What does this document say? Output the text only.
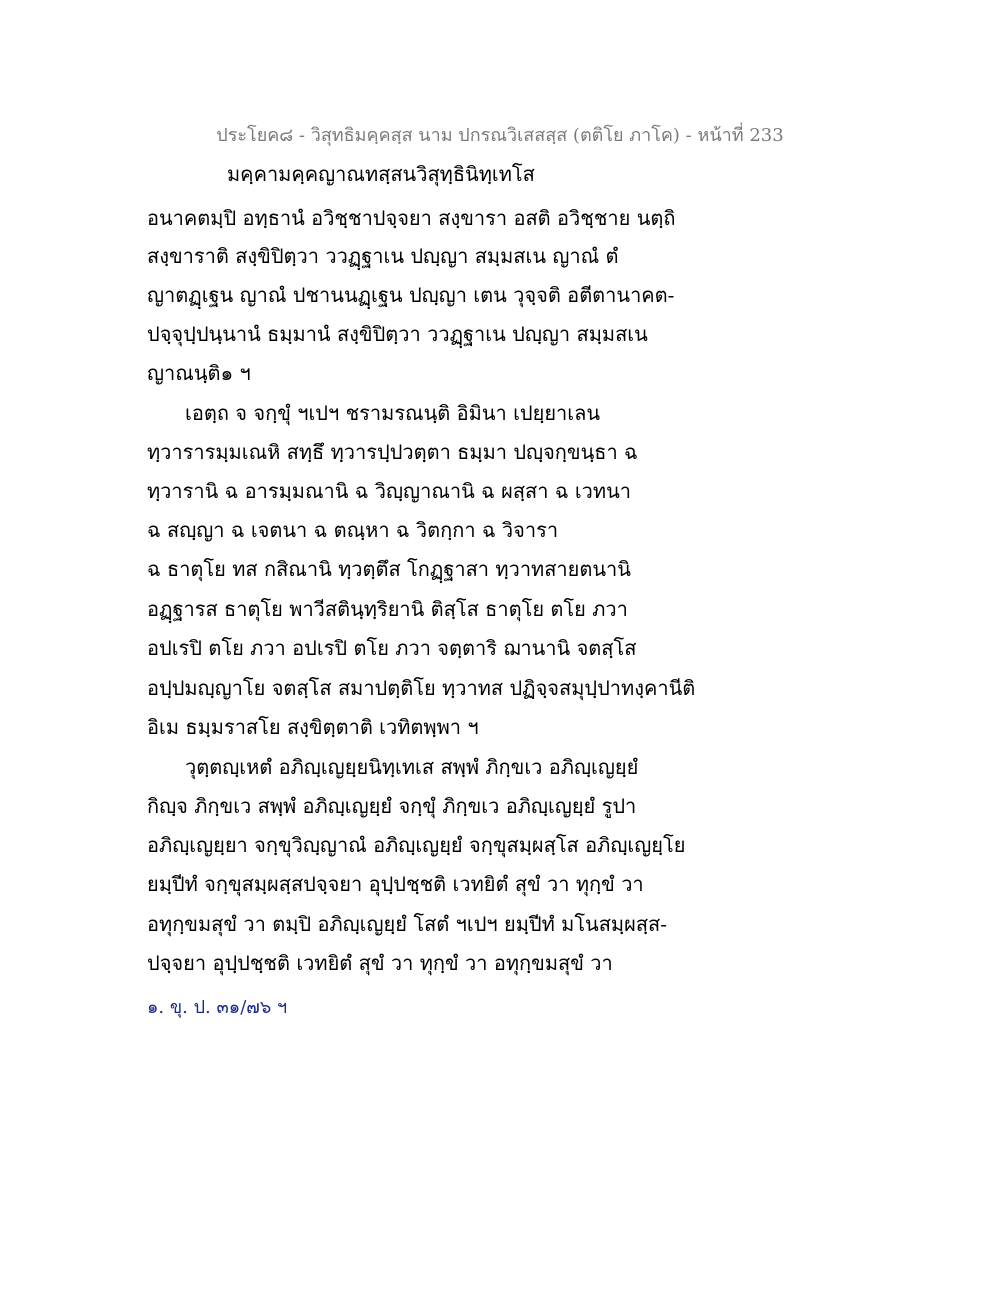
ประโยค๘ - วิสุทธิมคฺคสฺส นาม ปกรณวิเสสสฺส (ตติโย ภาโค) - หน้าที่ 233
มคฺคามคฺคญาณทสฺสนวิสุทฺธินิทฺเทโส
อนาคตมฺปิ อทฺธานํ อวิชฺชาปจฺจยา สงฺขารา อสติ อวิชฺชาย นตฺถิ
สงฺขาราติ สงฺขิปิตฺวา ววฏฺฐาเน ปญฺญา สมฺมสเน ญาณํ ตํ
ญาตฏฺเฐน ญาณํ ปชานนฏฺเฐน ปญฺญา เตน วุจฺจติ อตีตานาคต-
ปจฺจุปฺปนฺนานํ ธมฺมานํ สงฺขิปิตฺวา ววฏฺฐาเน ปญฺญา สมฺมสเน
ญาณนฺติ๑ ฯ
เอตฺถ จ จกฺขุํ ฯเปฯ ชรามรณนฺติ อิมินา เปยฺยาเลน
ทฺวารารมฺมเณหิ สทฺธึ ทฺวารปฺปวตฺตา ธมฺมา ปญฺจกฺขนฺธา ฉ
ทฺวารานิ ฉ อารมฺมณานิ ฉ วิญฺญาณานิ ฉ ผสฺสา ฉ เวทนา
ฉ สญฺญา ฉ เจตนา ฉ ตณฺหา ฉ วิตกฺกา ฉ วิจารา
ฉ ธาตุโย ทส กสิณานิ ทฺวตฺตึส โกฏฺฐาสา ทฺวาทสายตนานิ
อฏฺฐารส ธาตุโย พาวีสตินฺทฺริยานิ ติสฺโส ธาตุโย ตโย ภวา
อปเรปิ ตโย ภวา อปเรปิ ตโย ภวา จตฺตาริ ฌานานิ จตสฺโส
อปฺปมญฺญาโย จตสฺโส สมาปตฺติโย ทฺวาทส ปฏิจฺจสมุปฺปาทงฺคานีติ
อิเม ธมฺมราสโย สงฺขิตฺตาติ เวทิตพฺพา ฯ
วุตฺตญฺเหตํ อภิญฺเญยฺยนิทฺเทเส สพฺพํ ภิกฺขเว อภิญฺเญยฺยํ
กิญฺจ ภิกฺขเว สพฺพํ อภิญฺเญยฺยํ จกฺขุํ ภิกฺขเว อภิญฺเญยฺยํ รูปา
อภิญฺเญยฺยา จกฺขุวิญฺญาณํ อภิญฺเญยฺยํ จกฺขุสมฺผสฺโส อภิญฺเญยฺโย
ยมฺปีทํ จกฺขุสมฺผสฺสปจฺจยา อุปฺปชฺชติ เวทยิตํ สุขํ วา ทุกฺขํ วา
อทุกฺขมสุขํ วา ตมฺปิ อภิญฺเญยฺยํ โสตํ ฯเปฯ ยมฺปีทํ มโนสมฺผสฺส-
ปจฺจยา อุปฺปชฺชติ เวทยิตํ สุขํ วา ทุกฺขํ วา อทุกฺขมสุขํ วา
๑. ขุ. ป. ๓๑/๗๖ ฯ
